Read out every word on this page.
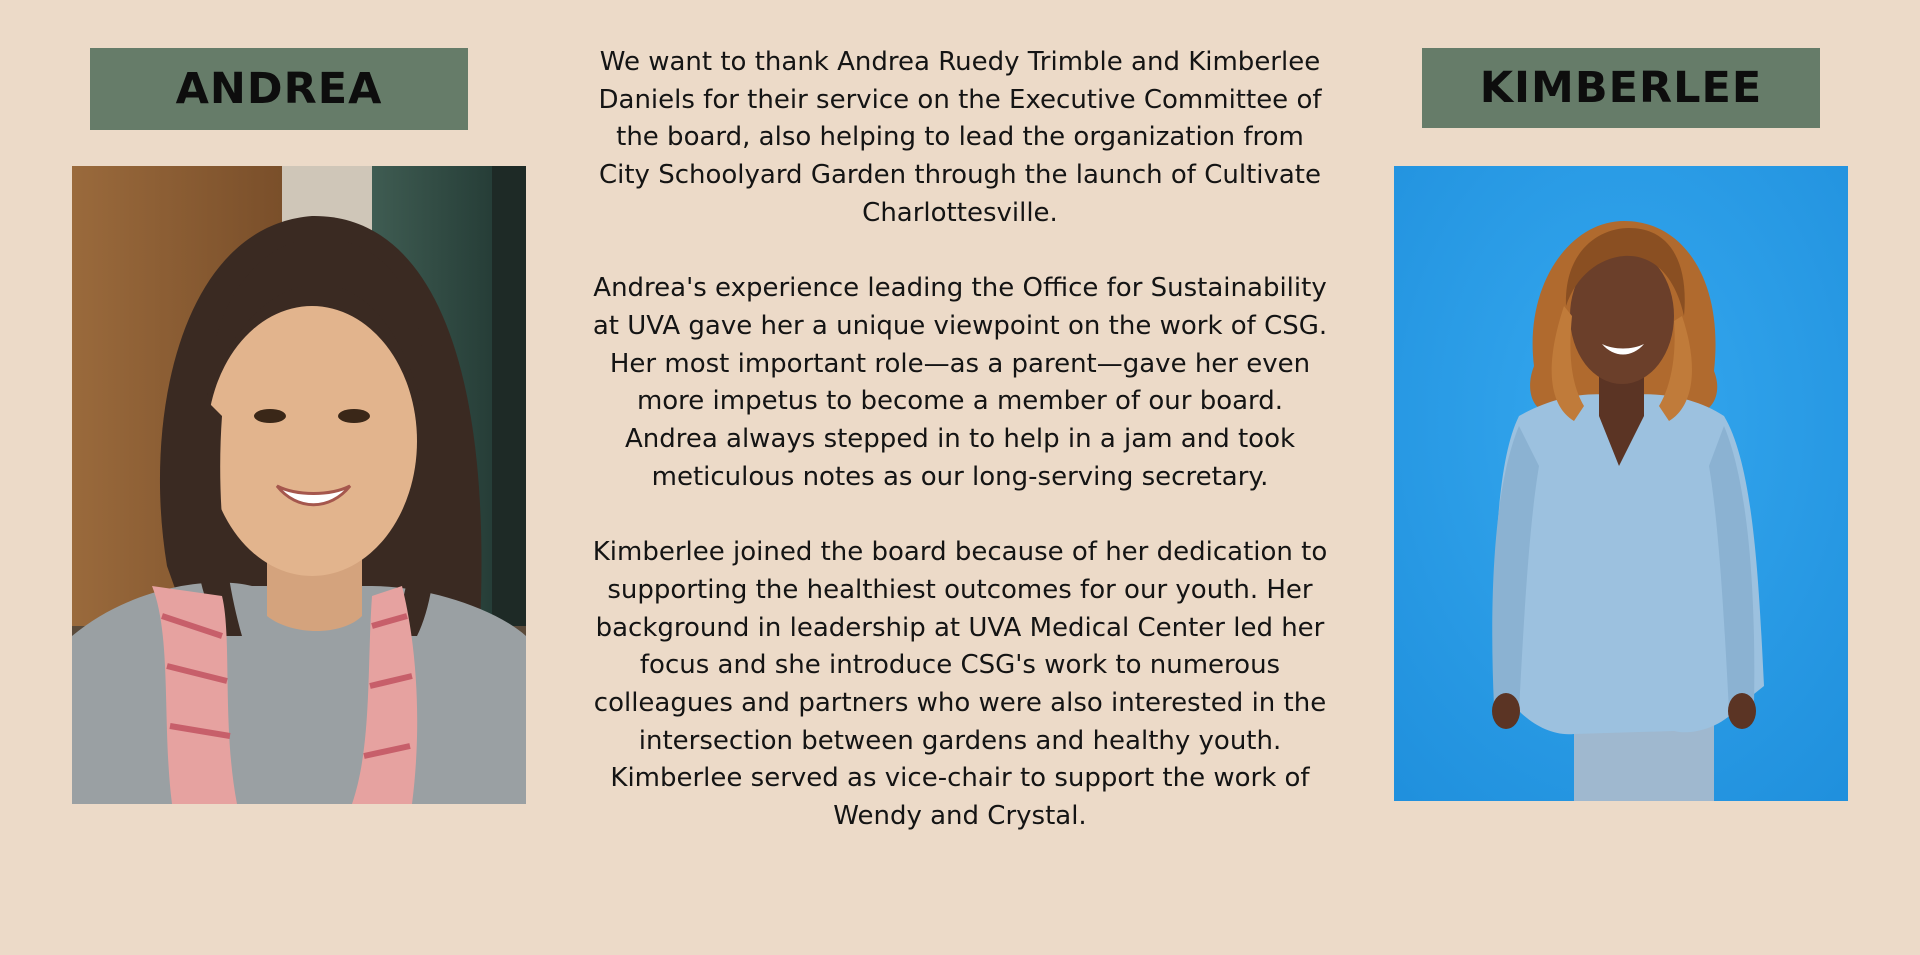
ANDREA	KIMBERLEE

We want to thank Andrea Ruedy Trimble and Kimberlee Daniels for their service on the Executive Committee of the board, also helping to lead the organization from City Schoolyard Garden through the launch of Cultivate Charlottesville.

Andrea's experience leading the Office for Sustainability at UVA gave her a unique viewpoint on the work of CSG. Her most important role—as a parent—gave her even more impetus to become a member of our board. Andrea always stepped in to help in a jam and took meticulous notes as our long-serving secretary.

Kimberlee joined the board because of her dedication to supporting the healthiest outcomes for our youth. Her background in leadership at UVA Medical Center led her focus and she introduce CSG's work to numerous colleagues and partners who were also interested in the intersection between gardens and healthy youth. Kimberlee served as vice-chair to support the work of Wendy and Crystal.
